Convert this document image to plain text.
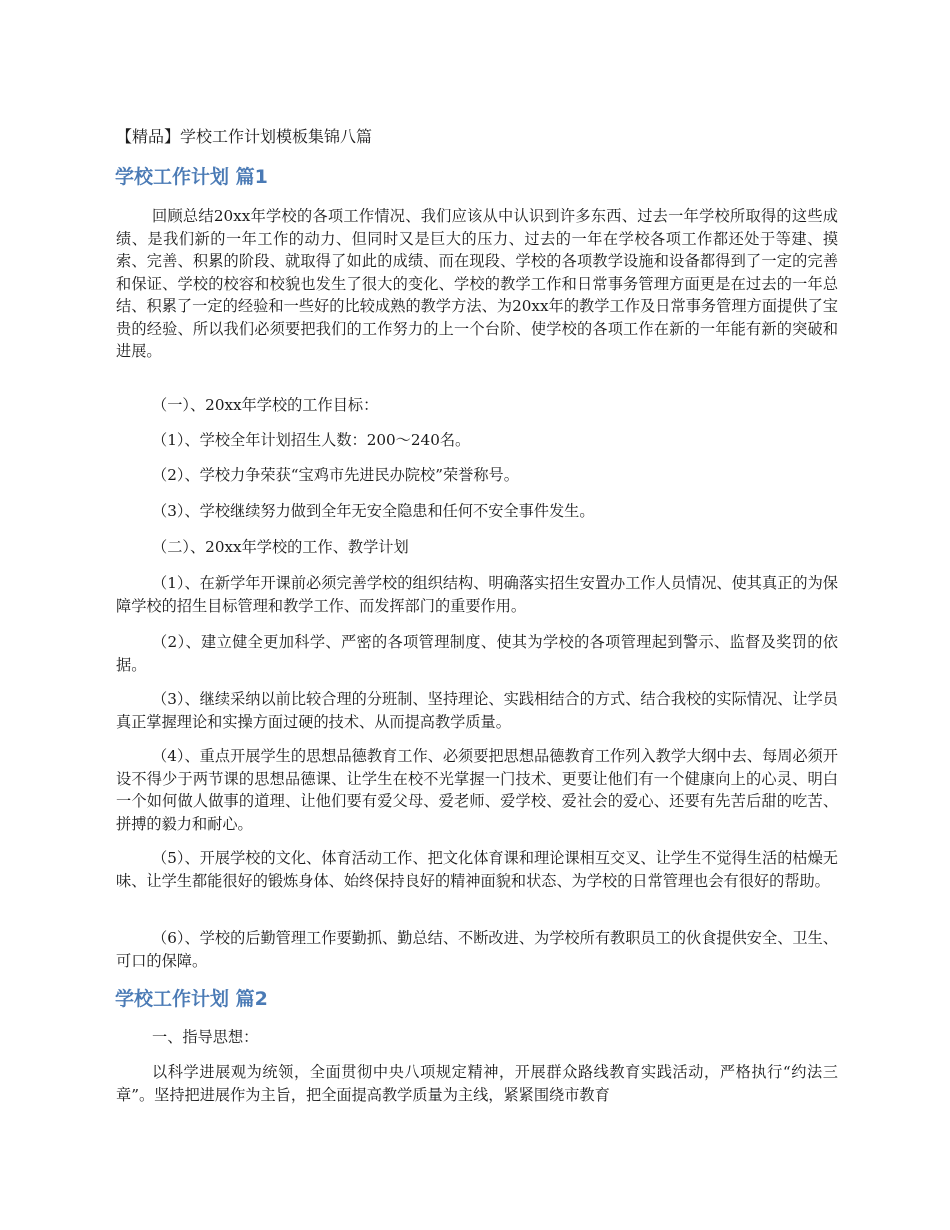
【精品】学校工作计划模板集锦八篇
学校工作计划 篇1

回顾总结20xx年学校的各项工作情况、我们应该从中认识到许多东西、过去一年学校所取得的这些成绩、是我们新的一年工作的动力、但同时又是巨大的压力、过去的一年在学校各项工作都还处于等建、摸索、完善、积累的阶段、就取得了如此的成绩、而在现段、学校的各项教学设施和设备都得到了一定的完善和保证、学校的校容和校貌也发生了很大的变化、学校的教学工作和日常事务管理方面更是在过去的一年总结、积累了一定的经验和一些好的比较成熟的教学方法、为20xx年的教学工作及日常事务管理方面提供了宝贵的经验、所以我们必须要把我们的工作努力的上一个台阶、使学校的各项工作在新的一年能有新的突破和进展。

（一）、20xx年学校的工作目标：

（1）、学校全年计划招生人数：200～240名。

（2）、学校力争荣获“宝鸡市先进民办院校”荣誉称号。

（3）、学校继续努力做到全年无安全隐患和任何不安全事件发生。

（二）、20xx年学校的工作、教学计划

（1）、在新学年开课前必须完善学校的组织结构、明确落实招生安置办工作人员情况、使其真正的为保障学校的招生目标管理和教学工作、而发挥部门的重要作用。

（2）、建立健全更加科学、严密的各项管理制度、使其为学校的各项管理起到警示、监督及奖罚的依据。

（3）、继续采纳以前比较合理的分班制、坚持理论、实践相结合的方式、结合我校的实际情况、让学员真正掌握理论和实操方面过硬的技术、从而提高教学质量。

（4）、重点开展学生的思想品德教育工作、必须要把思想品德教育工作列入教学大纲中去、每周必须开设不得少于两节课的思想品德课、让学生在校不光掌握一门技术、更要让他们有一个健康向上的心灵、明白一个如何做人做事的道理、让他们要有爱父母、爱老师、爱学校、爱社会的爱心、还要有先苦后甜的吃苦、拼搏的毅力和耐心。

（5）、开展学校的文化、体育活动工作、把文化体育课和理论课相互交叉、让学生不觉得生活的枯燥无味、让学生都能很好的锻炼身体、始终保持良好的精神面貌和状态、为学校的日常管理也会有很好的帮助。

（6）、学校的后勤管理工作要勤抓、勤总结、不断改进、为学校所有教职员工的伙食提供安全、卫生、可口的保障。

学校工作计划 篇2

一、指导思想：

以科学进展观为统领，全面贯彻中央八项规定精神，开展群众路线教育实践活动，严格执行“约法三章”。坚持把进展作为主旨，把全面提高教学质量为主线，紧紧围绕市教育
